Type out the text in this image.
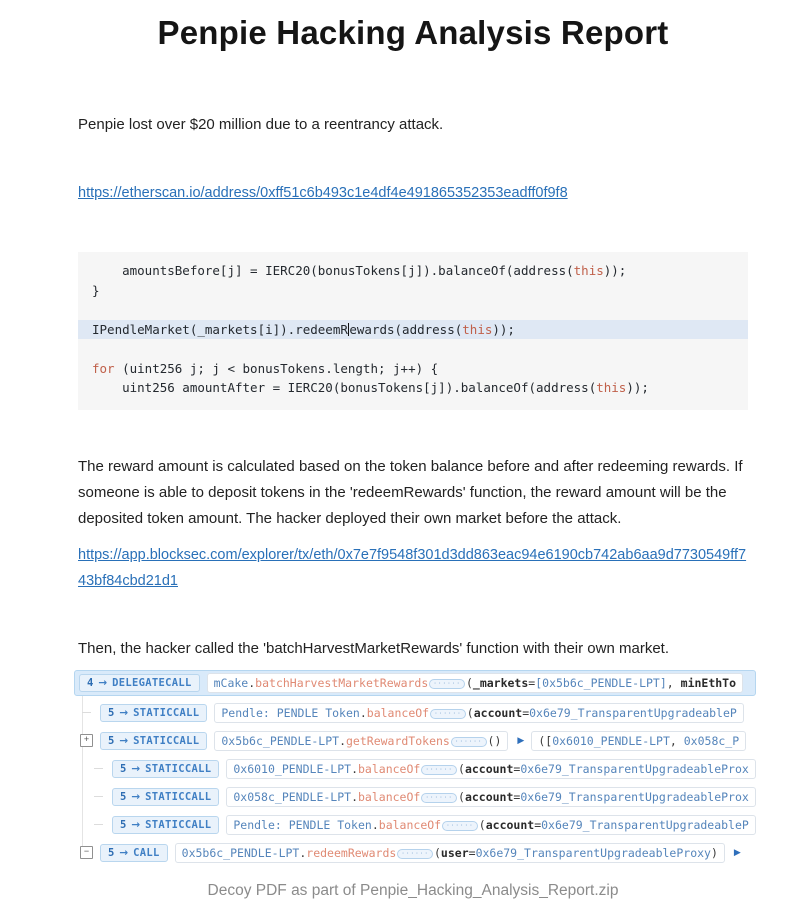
Penpie Hacking Analysis Report
Penpie lost over $20 million due to a reentrancy attack.
https://etherscan.io/address/0xff51c6b493c1e4df4e491865352353eadff0f9f8
amountsBefore[j] = IERC20(bonusTokens[j]).balanceOf(address(this));
}

IPendleMarket(_markets[i]).redeemR ewards(address(this));

for (uint256 j; j < bonusTokens.length; j++) {
uint256 amountAfter = IERC20(bonusTokens[j]).balanceOf(address(this));
The reward amount is calculated based on the token balance before and after redeeming rewards. If someone is able to deposit tokens in the 'redeemRewards' function, the reward amount will be the deposited token amount. The hacker deployed their own market before the attack.
https://app.blocksec.com/explorer/tx/eth/0x7e7f9548f301d3dd863eac94e6190cb742ab6aa9d7730549ff743bf84cbd21d1
Then, the hacker called the 'batchHarvestMarketRewards' function with their own market.
4 → DELEGATECALL	mCake.batchHarvestMarketRewards ······ (_markets=[0x5b6c_PENDLE-LPT], minEthTo
5 → STATICCALL	Pendle: PENDLE Token.balanceOf ······ (account=0x6e79_TransparentUpgradeableP
+	5 → STATICCALL	0x5b6c_PENDLE-LPT.getRewardTokens ······ ()	▶	([0x6010_PENDLE-LPT, 0x058c_P
5 → STATICCALL	0x6010_PENDLE-LPT.balanceOf ······ (account=0x6e79_TransparentUpgradeableProx
5 → STATICCALL	0x058c_PENDLE-LPT.balanceOf ······ (account=0x6e79_TransparentUpgradeableProx
5 → STATICCALL	Pendle: PENDLE Token.balanceOf ······ (account=0x6e79_TransparentUpgradeableP
−	5 → CALL	0x5b6c_PENDLE-LPT.redeemRewards ······ (user=0x6e79_TransparentUpgradeableProxy)	▶
Decoy PDF as part of Penpie_Hacking_Analysis_Report.zip
